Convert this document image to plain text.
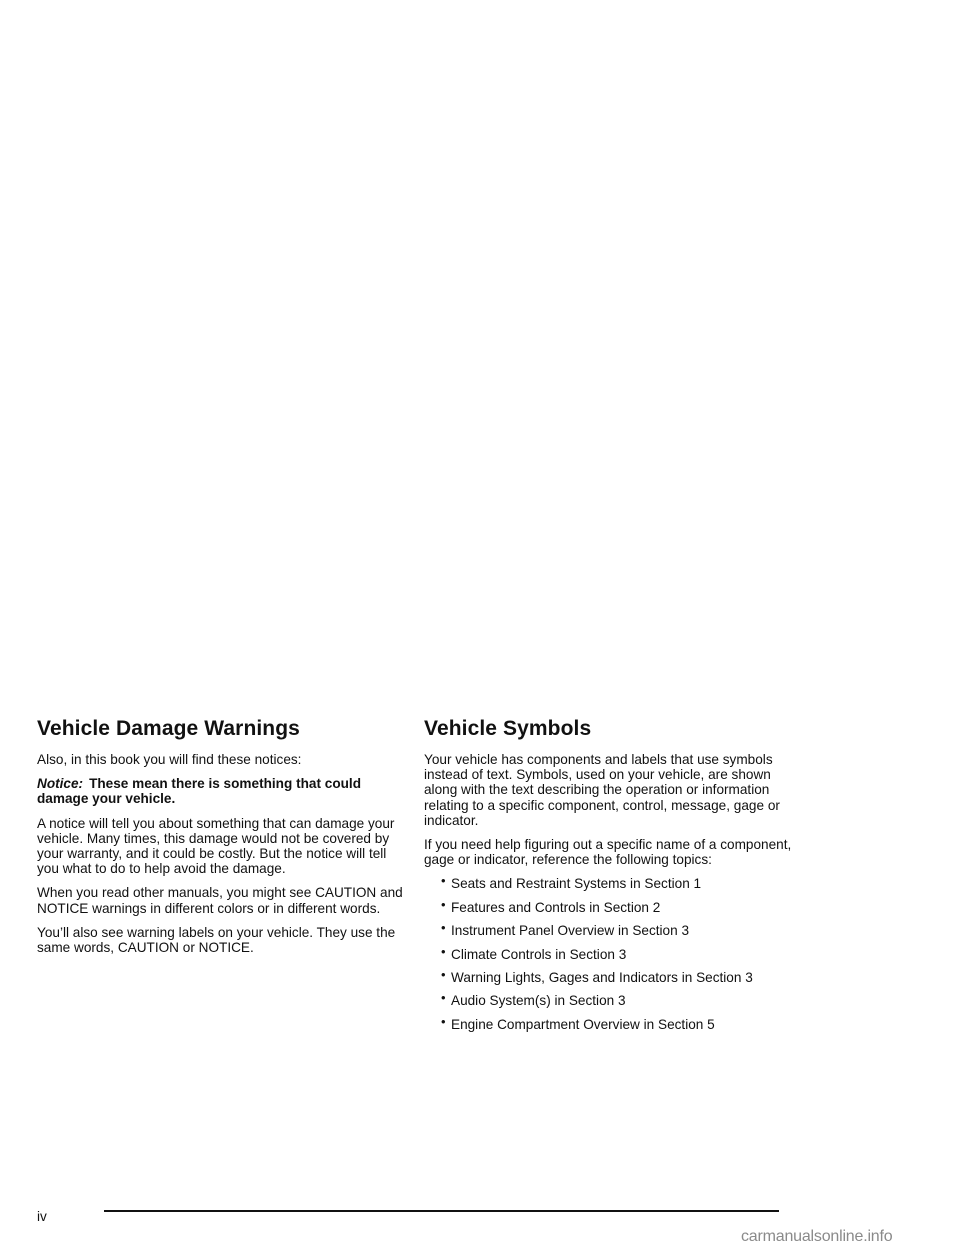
Vehicle Damage Warnings

Also, in this book you will find these notices:

Notice: These mean there is something that could damage your vehicle.

A notice will tell you about something that can damage your vehicle. Many times, this damage would not be covered by your warranty, and it could be costly. But the notice will tell you what to do to help avoid the damage.

When you read other manuals, you might see CAUTION and NOTICE warnings in different colors or in different words.

You’ll also see warning labels on your vehicle. They use the same words, CAUTION or NOTICE.

Vehicle Symbols

Your vehicle has components and labels that use symbols instead of text. Symbols, used on your vehicle, are shown along with the text describing the operation or information relating to a specific component, control, message, gage or indicator.

If you need help figuring out a specific name of a component, gage or indicator, reference the following topics:

• Seats and Restraint Systems in Section 1
• Features and Controls in Section 2
• Instrument Panel Overview in Section 3
• Climate Controls in Section 3
• Warning Lights, Gages and Indicators in Section 3
• Audio System(s) in Section 3
• Engine Compartment Overview in Section 5
iv
carmanualsonline.info
